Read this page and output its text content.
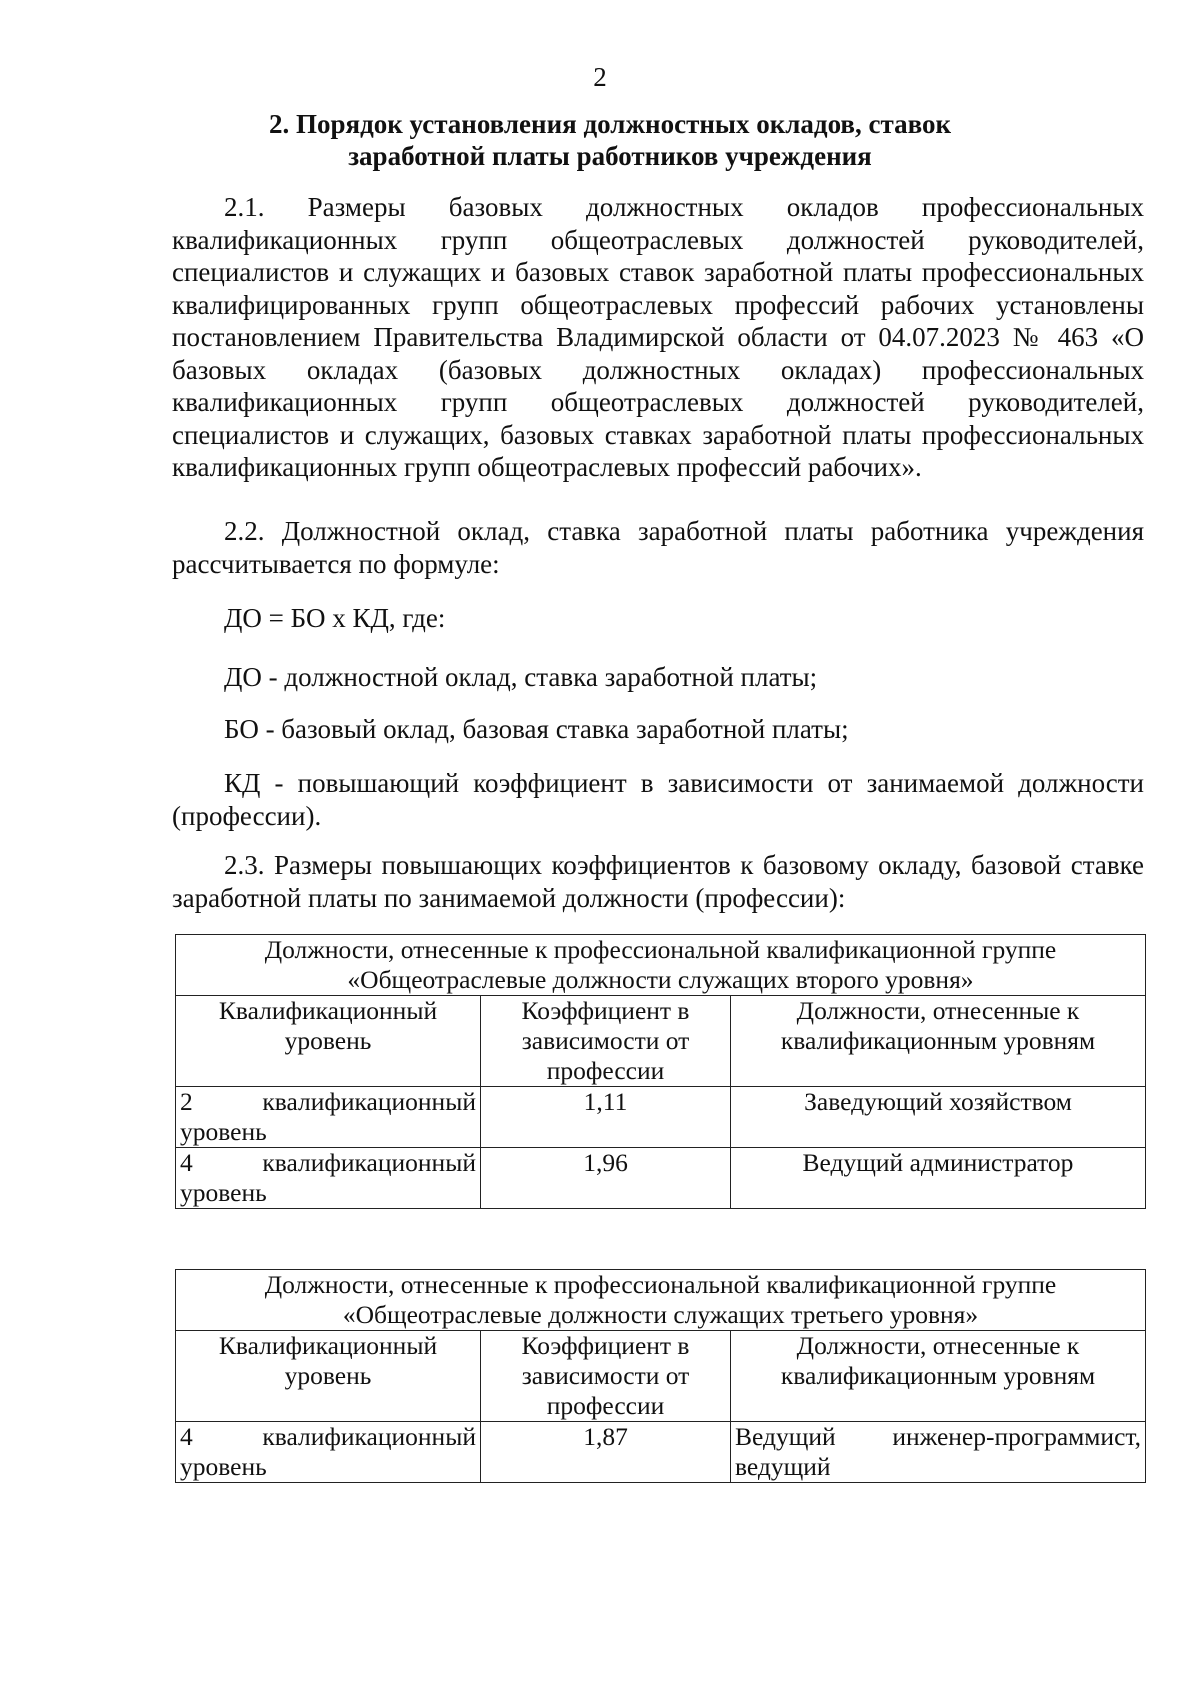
2
2. Порядок установления должностных окладов, ставок
заработной платы работников учреждения
2.1. Размеры базовых должностных окладов профессиональных квалификационных групп общеотраслевых должностей руководителей, специалистов и служащих и базовых ставок заработной платы профессиональных квалифицированных групп общеотраслевых профессий рабочих установлены постановлением Правительства Владимирской области от 04.07.2023 № 463 «О базовых окладах (базовых должностных окладах) профессиональных квалификационных групп общеотраслевых должностей руководителей, специалистов и служащих, базовых ставках заработной платы профессиональных квалификационных групп общеотраслевых профессий рабочих».
2.2. Должностной оклад, ставка заработной платы работника учреждения рассчитывается по формуле:
ДО = БО х КД, где:
ДО - должностной оклад, ставка заработной платы;
БО - базовый оклад, базовая ставка заработной платы;
КД - повышающий коэффициент в зависимости от занимаемой должности (профессии).
2.3. Размеры повышающих коэффициентов к базовому окладу, базовой ставке заработной платы по занимаемой должности (профессии):
Должности, отнесенные к профессиональной квалификационной группе
«Общеотраслевые должности служащих второго уровня»		

Квалификационный уровень	Коэффициент в зависимости от профессии	Должности, отнесенные к квалификационным уровням

2 квалификационный
уровень	1,11	Заведующий хозяйством

4 квалификационный
уровень	1,96	Ведущий администратор
Должности, отнесенные к профессиональной квалификационной группе
«Общеотраслевые должности служащих третьего уровня»		

Квалификационный уровень	Коэффициент в зависимости от профессии	Должности, отнесенные к квалификационным уровням

4 квалификационный
уровень	1,87	Ведущий инженер-программист, ведущий
